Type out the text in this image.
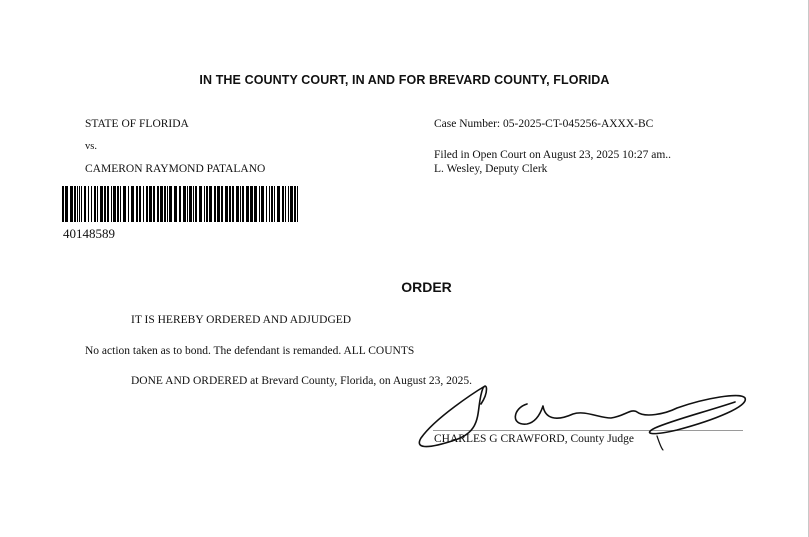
IN THE COUNTY COURT, IN AND FOR BREVARD COUNTY, FLORIDA
STATE OF FLORIDA
vs.
CAMERON RAYMOND PATALANO
Case Number: 05-2025-CT-045256-AXXX-BC
Filed in Open Court on August 23, 2025 10:27 am..
L. Wesley, Deputy Clerk
40148589
ORDER
IT IS HEREBY ORDERED AND ADJUDGED
No action taken as to bond. The defendant is remanded. ALL COUNTS
DONE AND ORDERED at Brevard County, Florida, on August 23, 2025.
CHARLES G CRAWFORD, County Judge
